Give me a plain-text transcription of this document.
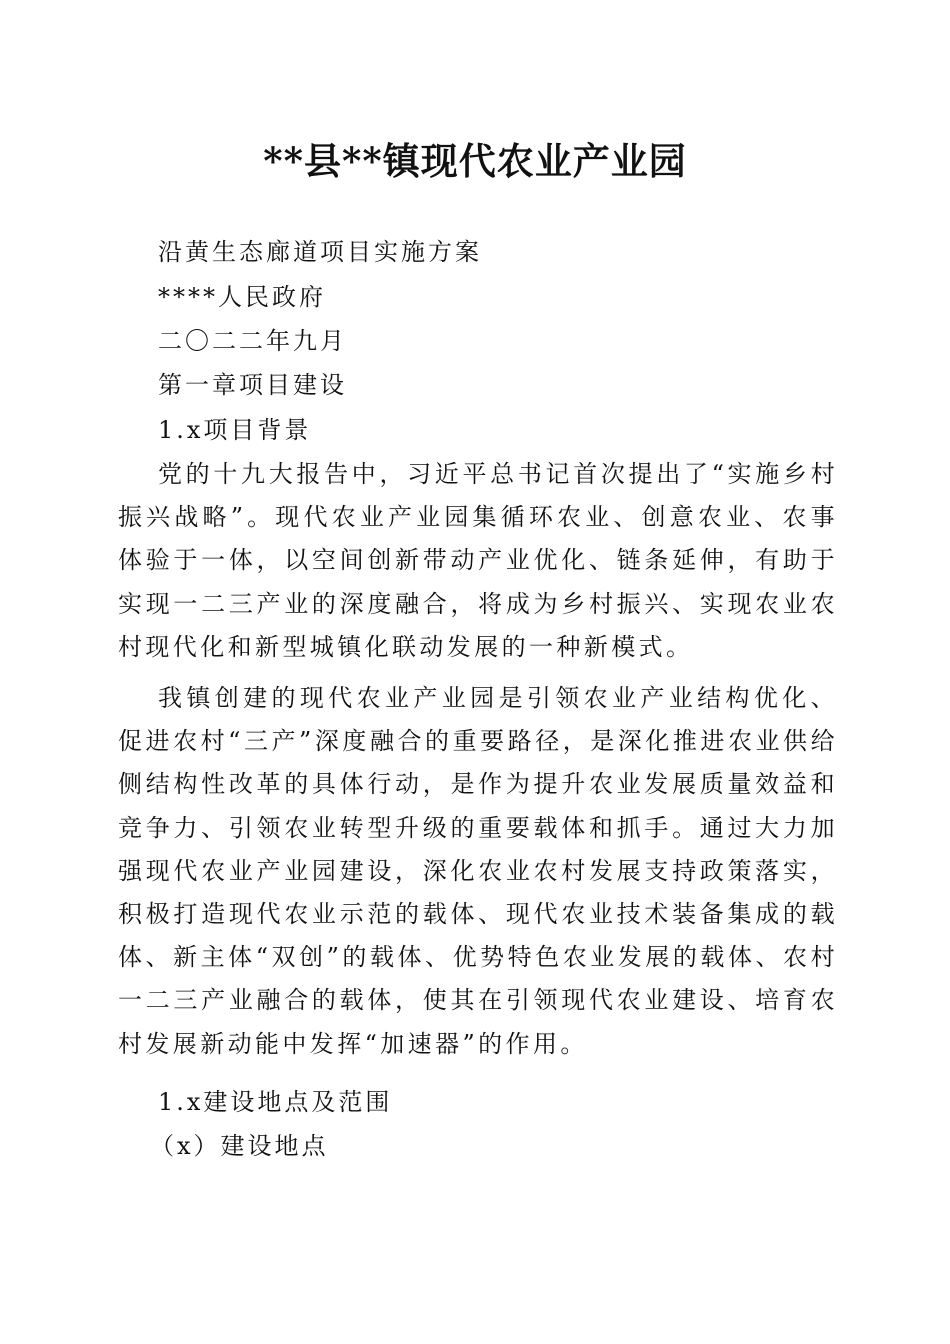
**县**镇现代农业产业园

沿黄生态廊道项目实施方案

****人民政府

二〇二二年九月

第一章项目建设

1.x项目背景

党的十九大报告中，习近平总书记首次提出了“实施乡村振兴战略”。现代农业产业园集循环农业、创意农业、农事体验于一体，以空间创新带动产业优化、链条延伸，有助于实现一二三产业的深度融合，将成为乡村振兴、实现农业农村现代化和新型城镇化联动发展的一种新模式。

我镇创建的现代农业产业园是引领农业产业结构优化、促进农村“三产”深度融合的重要路径，是深化推进农业供给侧结构性改革的具体行动，是作为提升农业发展质量效益和竞争力、引领农业转型升级的重要载体和抓手。通过大力加强现代农业产业园建设，深化农业农村发展支持政策落实，积极打造现代农业示范的载体、现代农业技术装备集成的载体、新主体“双创”的载体、优势特色农业发展的载体、农村一二三产业融合的载体，使其在引领现代农业建设、培育农村发展新动能中发挥“加速器”的作用。

1.x建设地点及范围

（x）建设地点
